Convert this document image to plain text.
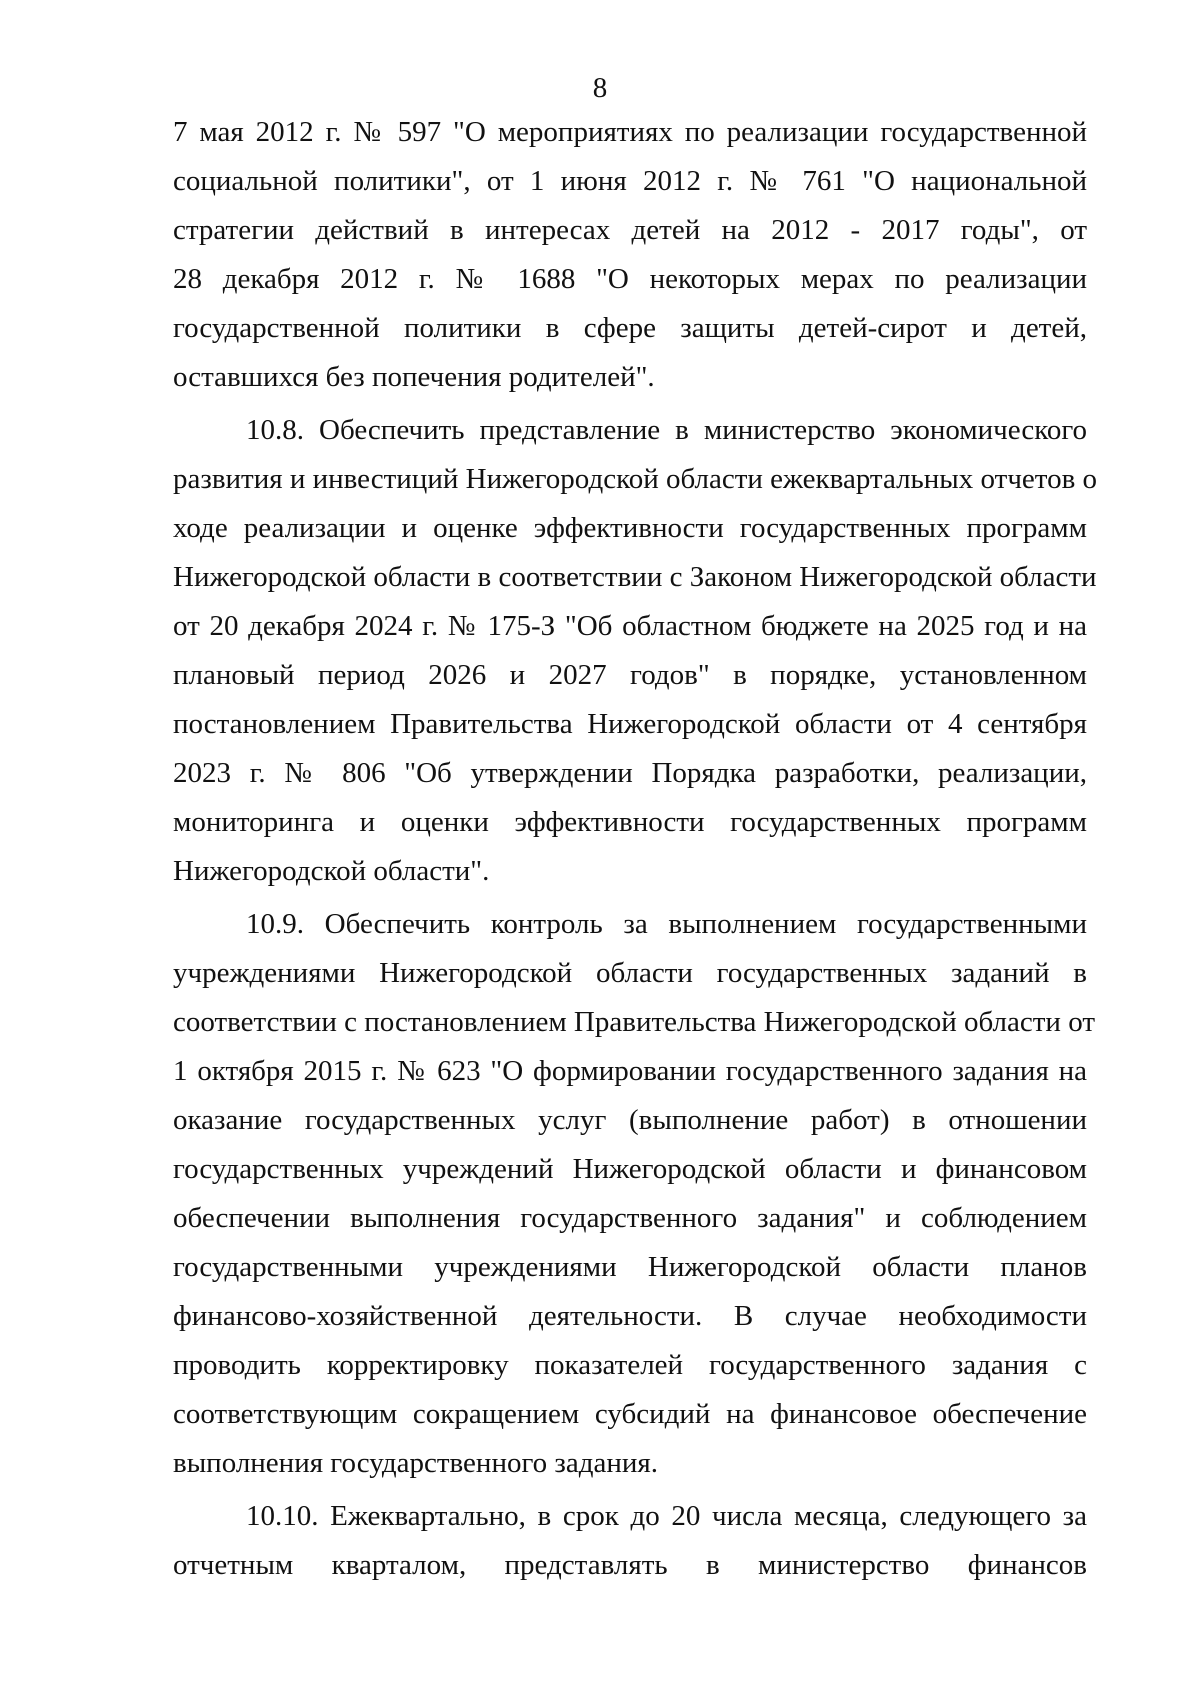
8
7 мая 2012 г. № 597 "О мероприятиях по реализации государственной
социальной политики", от 1 июня 2012 г. № 761 "О национальной
стратегии действий в интересах детей на 2012 - 2017 годы", от
28 декабря 2012 г. № 1688 "О некоторых мерах по реализации
государственной политики в сфере защиты детей-сирот и детей,
оставшихся без попечения родителей".
10.8. Обеспечить представление в министерство экономического
развития и инвестиций Нижегородской области ежеквартальных отчетов о
ходе реализации и оценке эффективности государственных программ
Нижегородской области в соответствии с Законом Нижегородской области
от 20 декабря 2024 г. № 175-З "Об областном бюджете на 2025 год и на
плановый период 2026 и 2027 годов" в порядке, установленном
постановлением Правительства Нижегородской области от 4 сентября
2023 г. № 806 "Об утверждении Порядка разработки, реализации,
мониторинга и оценки эффективности государственных программ
Нижегородской области".
10.9. Обеспечить контроль за выполнением государственными
учреждениями Нижегородской области государственных заданий в
соответствии с постановлением Правительства Нижегородской области от
1 октября 2015 г. № 623 "О формировании государственного задания на
оказание государственных услуг (выполнение работ) в отношении
государственных учреждений Нижегородской области и финансовом
обеспечении выполнения государственного задания" и соблюдением
государственными учреждениями Нижегородской области планов
финансово-хозяйственной деятельности. В случае необходимости
проводить корректировку показателей государственного задания с
соответствующим сокращением субсидий на финансовое обеспечение
выполнения государственного задания.
10.10. Ежеквартально, в срок до 20 числа месяца, следующего за
отчетным кварталом, представлять в министерство финансов
